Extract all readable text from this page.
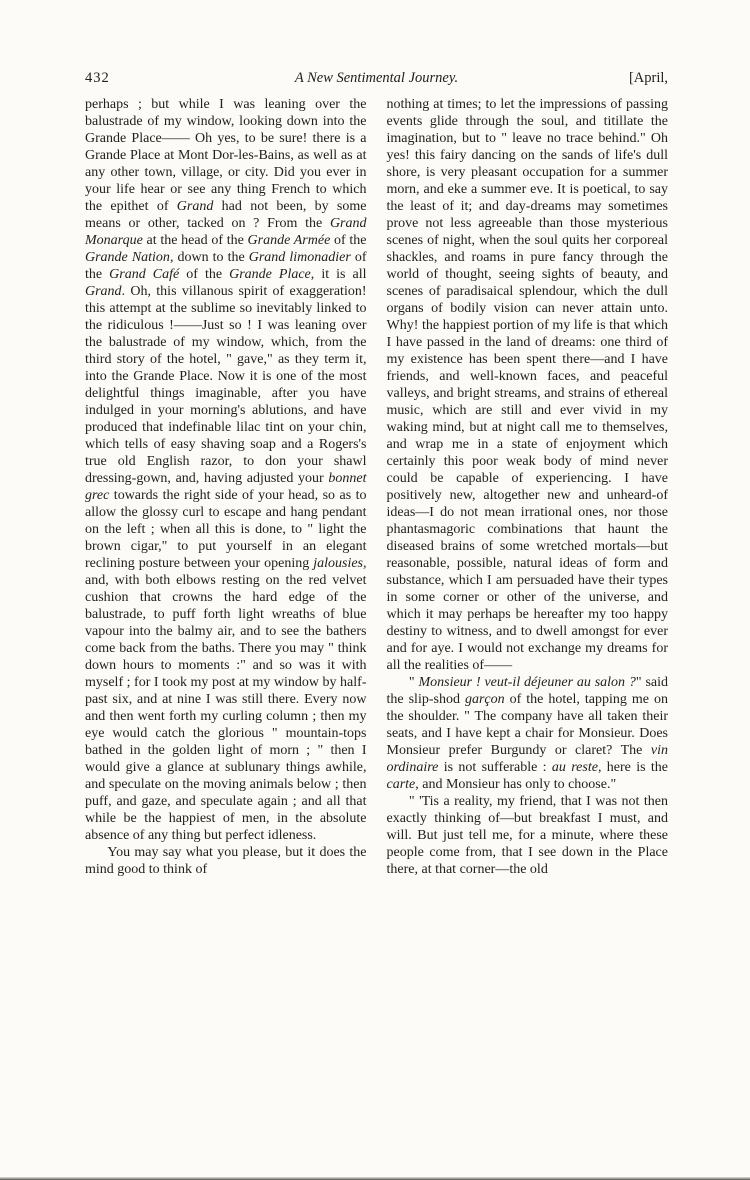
432	A New Sentimental Journey.	[April,

perhaps ; but while I was leaning over the balustrade of my window, looking down into the Grande Place—— Oh yes, to be sure! there is a Grande Place at Mont Dor-les-Bains, as well as at any other town, village, or city. Did you ever in your life hear or see any thing French to which the epithet of Grand had not been, by some means or other, tacked on ? From the Grand Monarque at the head of the Grande Armée of the Grande Nation, down to the Grand limonadier of the Grand Café of the Grande Place, it is all Grand. Oh, this villanous spirit of exaggeration! this attempt at the sublime so inevitably linked to the ridiculous !——Just so ! I was leaning over the balustrade of my window, which, from the third story of the hotel, " gave," as they term it, into the Grande Place. Now it is one of the most delightful things imaginable, after you have indulged in your morning's ablutions, and have produced that indefinable lilac tint on your chin, which tells of easy shaving soap and a Rogers's true old English razor, to don your shawl dressing-gown, and, having adjusted your bonnet grec towards the right side of your head, so as to allow the glossy curl to escape and hang pendant on the left ; when all this is done, to " light the brown cigar," to put yourself in an elegant reclining posture between your opening jalousies, and, with both elbows resting on the red velvet cushion that crowns the hard edge of the balustrade, to puff forth light wreaths of blue vapour into the balmy air, and to see the bathers come back from the baths. There you may " think down hours to moments :" and so was it with myself ; for I took my post at my window by half-past six, and at nine I was still there. Every now and then went forth my curling column ; then my eye would catch the glorious " mountain-tops bathed in the golden light of morn ; " then I would give a glance at sublunary things awhile, and speculate on the moving animals below ; then puff, and gaze, and speculate again ; and all that while be the happiest of men, in the absolute absence of any thing but perfect idleness.

You may say what you please, but it does the mind good to think of

nothing at times; to let the impressions of passing events glide through the soul, and titillate the imagination, but to " leave no trace behind." Oh yes! this fairy dancing on the sands of life's dull shore, is very pleasant occupation for a summer morn, and eke a summer eve. It is poetical, to say the least of it; and day-dreams may sometimes prove not less agreeable than those mysterious scenes of night, when the soul quits her corporeal shackles, and roams in pure fancy through the world of thought, seeing sights of beauty, and scenes of paradisaical splendour, which the dull organs of bodily vision can never attain unto. Why! the happiest portion of my life is that which I have passed in the land of dreams: one third of my existence has been spent there—and I have friends, and well-known faces, and peaceful valleys, and bright streams, and strains of ethereal music, which are still and ever vivid in my waking mind, but at night call me to themselves, and wrap me in a state of enjoyment which certainly this poor weak body of mind never could be capable of experiencing. I have positively new, altogether new and unheard-of ideas—I do not mean irrational ones, nor those phantasmagoric combinations that haunt the diseased brains of some wretched mortals—but reasonable, possible, natural ideas of form and substance, which I am persuaded have their types in some corner or other of the universe, and which it may perhaps be hereafter my too happy destiny to witness, and to dwell amongst for ever and for aye. I would not exchange my dreams for all the realities of——

" Monsieur ! veut-il déjeuner au salon ?" said the slip-shod garçon of the hotel, tapping me on the shoulder. " The company have all taken their seats, and I have kept a chair for Monsieur. Does Monsieur prefer Burgundy or claret? The vin ordinaire is not sufferable : au reste, here is the carte, and Monsieur has only to choose."

" 'Tis a reality, my friend, that I was not then exactly thinking of—but breakfast I must, and will. But just tell me, for a minute, where these people come from, that I see down in the Place there, at that corner—the old
